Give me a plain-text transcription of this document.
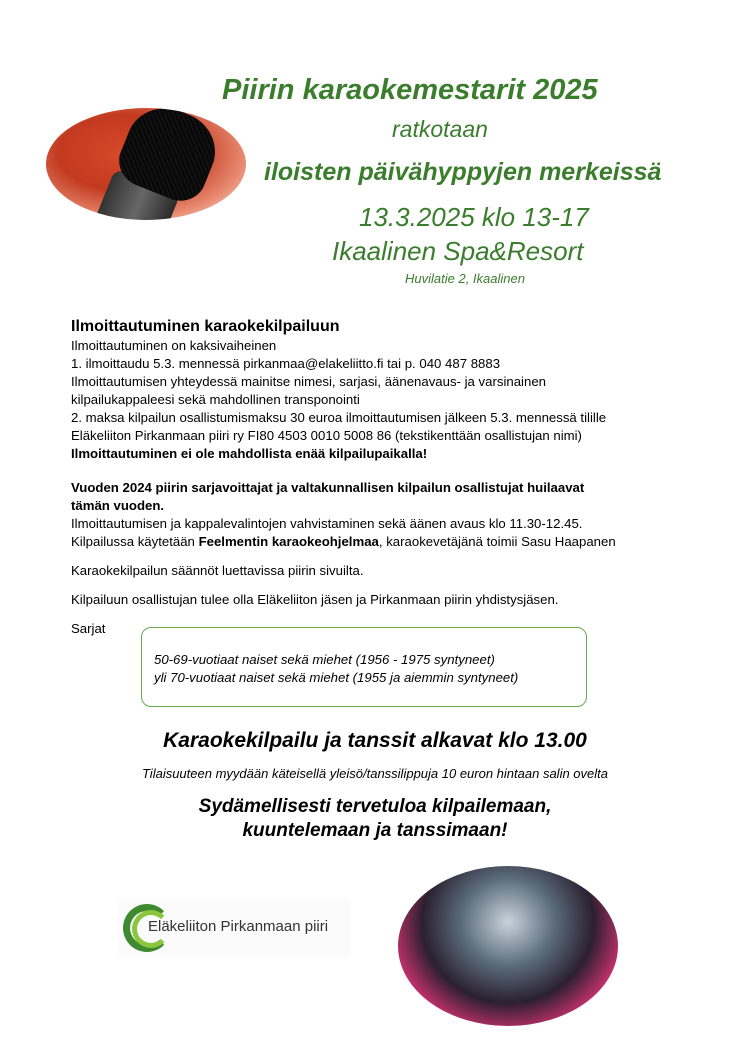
Piirin karaokemestarit 2025
ratkotaan
iloisten päivähyppyjen merkeissä
13.3.2025 klo 13-17
Ikaalinen Spa&Resort
Huvilatie 2, Ikaalinen

Ilmoittautuminen karaokekilpailuun

Ilmoittautuminen on kaksivaiheinen

1. ilmoittaudu 5.3. mennessä pirkanmaa@elakeliitto.fi tai p. 040 487 8883

Ilmoittautumisen yhteydessä mainitse nimesi, sarjasi, äänenavaus- ja varsinainen

kilpailukappaleesi sekä mahdollinen transponointi

2. maksa kilpailun osallistumismaksu 30 euroa ilmoittautumisen jälkeen 5.3. mennessä tilille

Eläkeliiton Pirkanmaan piiri ry FI80 4503 0010 5008 86 (tekstikenttään osallistujan nimi)

Ilmoittautuminen ei ole mahdollista enää kilpailupaikalla!

Vuoden 2024 piirin sarjavoittajat ja valtakunnallisen kilpailun osallistujat huilaavat

tämän vuoden.

Ilmoittautumisen ja kappalevalintojen vahvistaminen sekä äänen avaus klo 11.30-12.45.

Kilpailussa käytetään Feelmentin karaokeohjelmaa, karaokevetäjänä toimii Sasu Haapanen

Karaokekilpailun säännöt luettavissa piirin sivuilta.

Kilpailuun osallistujan tulee olla Eläkeliiton jäsen ja Pirkanmaan piirin yhdistysjäsen.

Sarjat

50-69-vuotiaat naiset sekä miehet (1956 - 1975 syntyneet)
yli 70-vuotiaat naiset sekä miehet (1955 ja aiemmin syntyneet)
Karaokekilpailu ja tanssit alkavat klo 13.00
Tilaisuuteen myydään käteisellä yleisö/tanssilippuja 10 euron hintaan salin ovelta
Sydämellisesti tervetuloa kilpailemaan,
kuuntelemaan ja tanssimaan!
Eläkeliiton Pirkanmaan piiri
